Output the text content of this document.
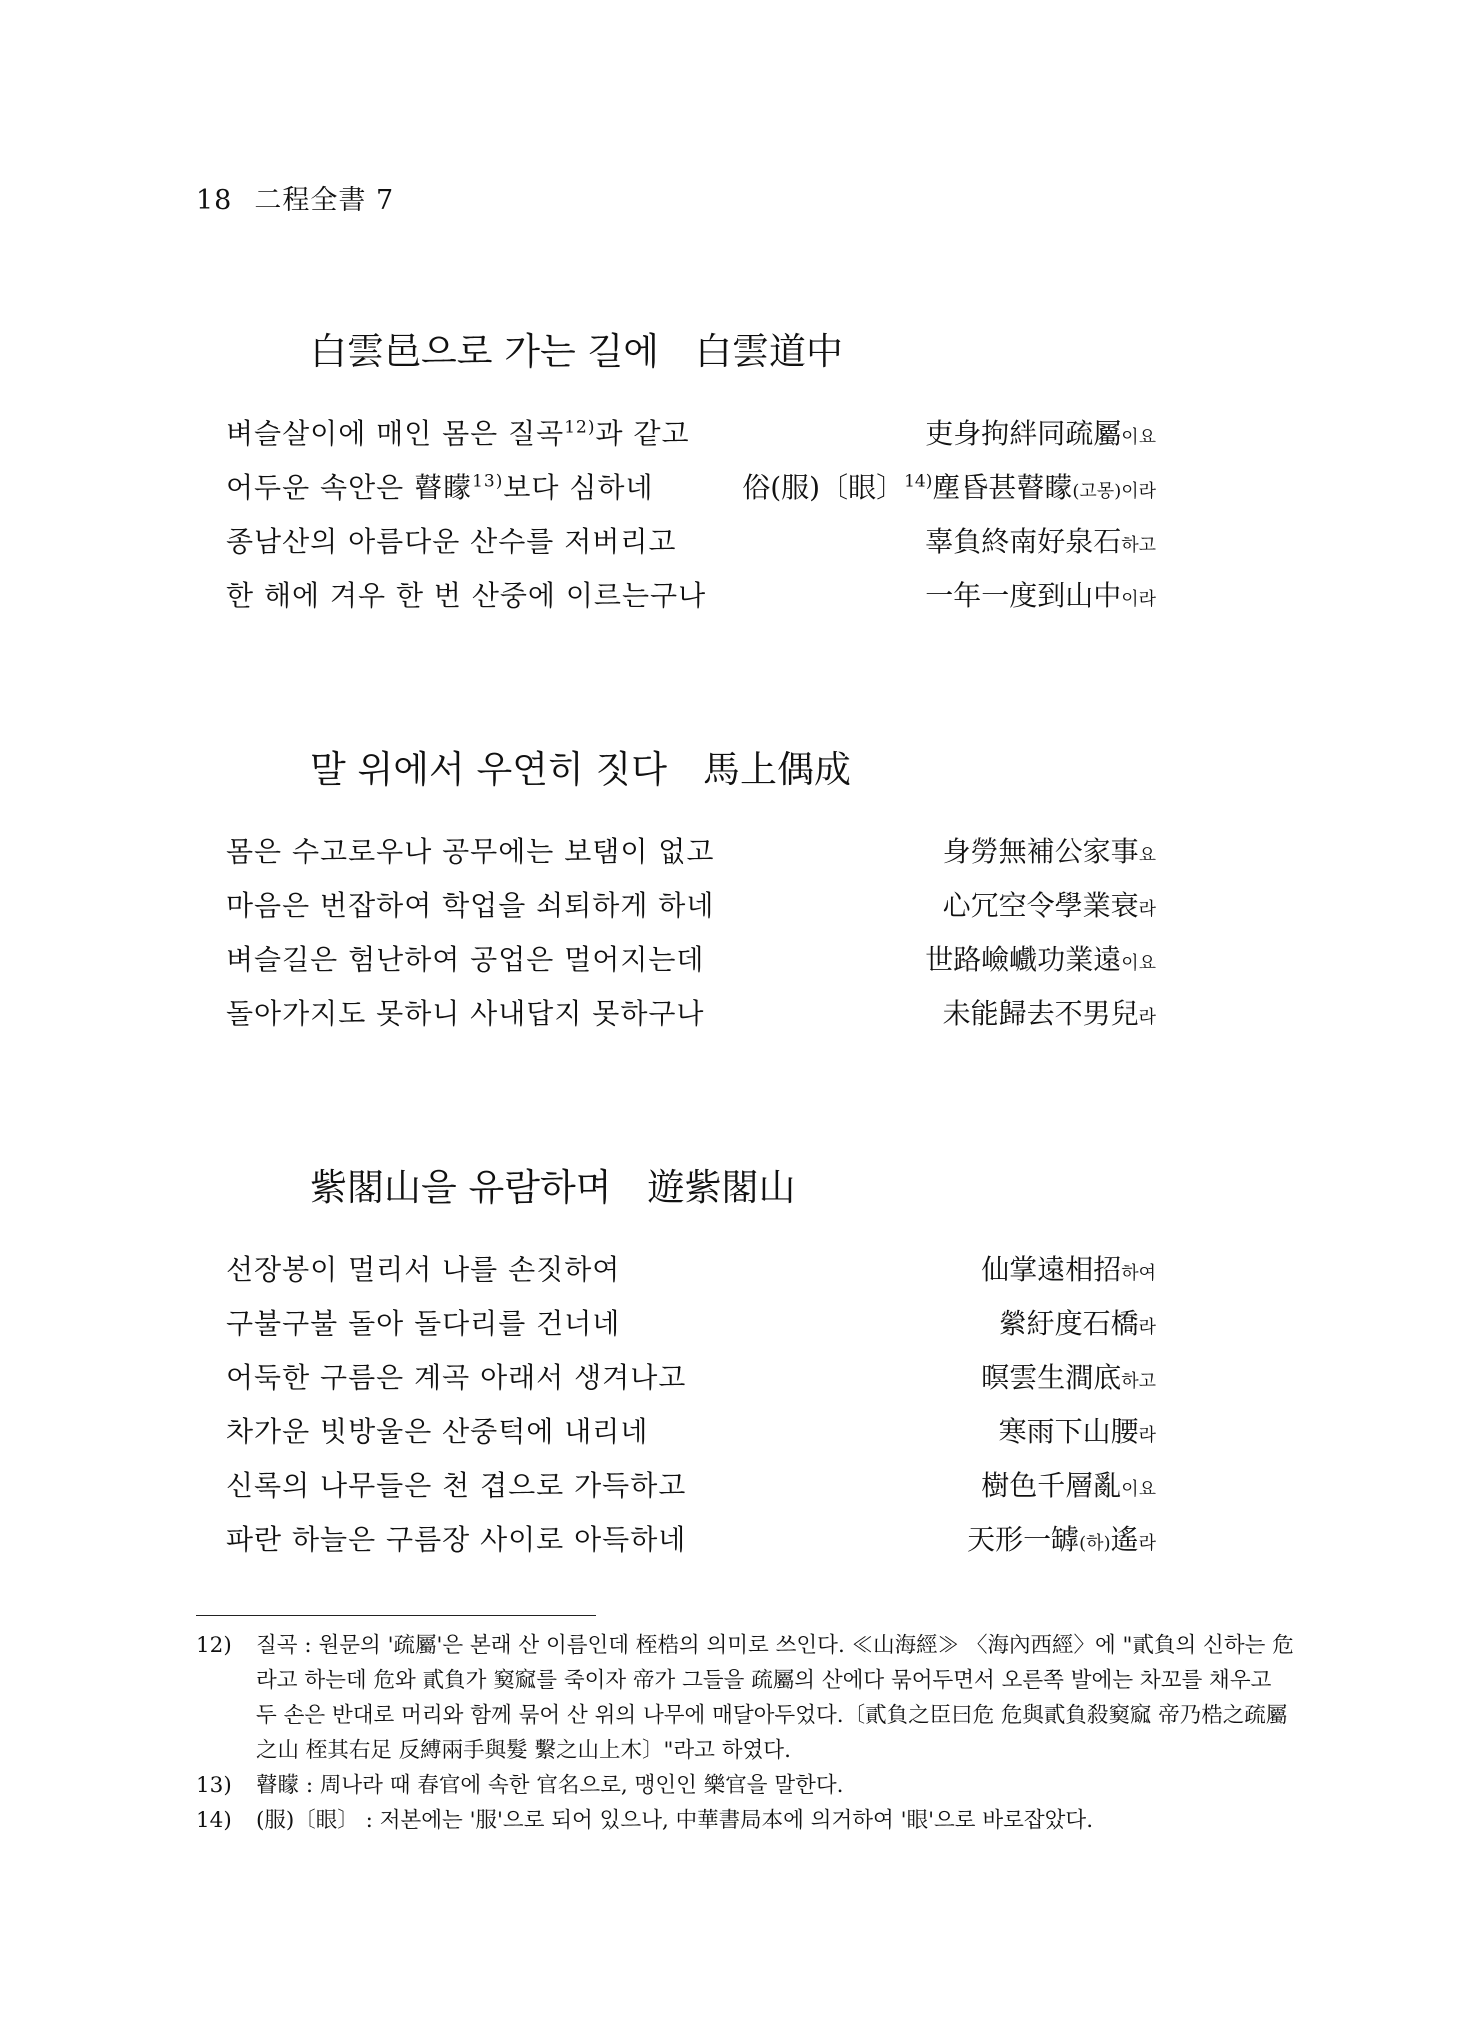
18 二程全書 7
白雲邑으로 가는 길에 白雲道中
벼슬살이에 매인 몸은 질곡$^{12)}$과 같고	吏身拘絆同疏屬이요
어두운 속안은 瞽矇$^{13)}$보다 심하네	俗(服)〔眼〕$^{14)}$塵昏甚瞽矇(고몽)이라
종남산의 아름다운 산수를 저버리고	辜負終南好泉石하고
한 해에 겨우 한 번 산중에 이르는구나	一年一度到山中이라
말 위에서 우연히 짓다 馬上偶成
몸은 수고로우나 공무에는 보탬이 없고	身勞無補公家事요
마음은 번잡하여 학업을 쇠퇴하게 하네	心冗空令學業衰라
벼슬길은 험난하여 공업은 멀어지는데	世路嶮巇功業遠이요
돌아가지도 못하니 사내답지 못하구나	未能歸去不男兒라
紫閣山을 유람하며 遊紫閣山
선장봉이 멀리서 나를 손짓하여	仙掌遠相招하여
구불구불 돌아 돌다리를 건너네	縈紆度石橋라
어둑한 구름은 계곡 아래서 생겨나고	暝雲生澗底하고
차가운 빗방울은 산중턱에 내리네	寒雨下山腰라
신록의 나무들은 천 겹으로 가득하고	樹色千層亂이요
파란 하늘은 구름장 사이로 아득하네	天形一罅(하)遙라
12) 질곡 : 원문의 '疏屬'은 본래 산 이름인데 桎梏의 의미로 쓰인다. ≪山海經≫ 〈海內西經〉에 "貳負의 신하는 危라고 하는데 危와 貳負가 窫窳를 죽이자 帝가 그들을 疏屬의 산에다 묶어두면서 오른쪽 발에는 차꼬를 채우고 두 손은 반대로 머리와 함께 묶어 산 위의 나무에 매달아두었다.〔貳負之臣曰危 危與貳負殺窫窳 帝乃梏之疏屬之山 桎其右足 反縛兩手與髮 繫之山上木〕"라고 하였다.
13) 瞽矇 : 周나라 때 春官에 속한 官名으로, 맹인인 樂官을 말한다.
14) (服)〔眼〕 : 저본에는 '服'으로 되어 있으나, 中華書局本에 의거하여 '眼'으로 바로잡았다.
